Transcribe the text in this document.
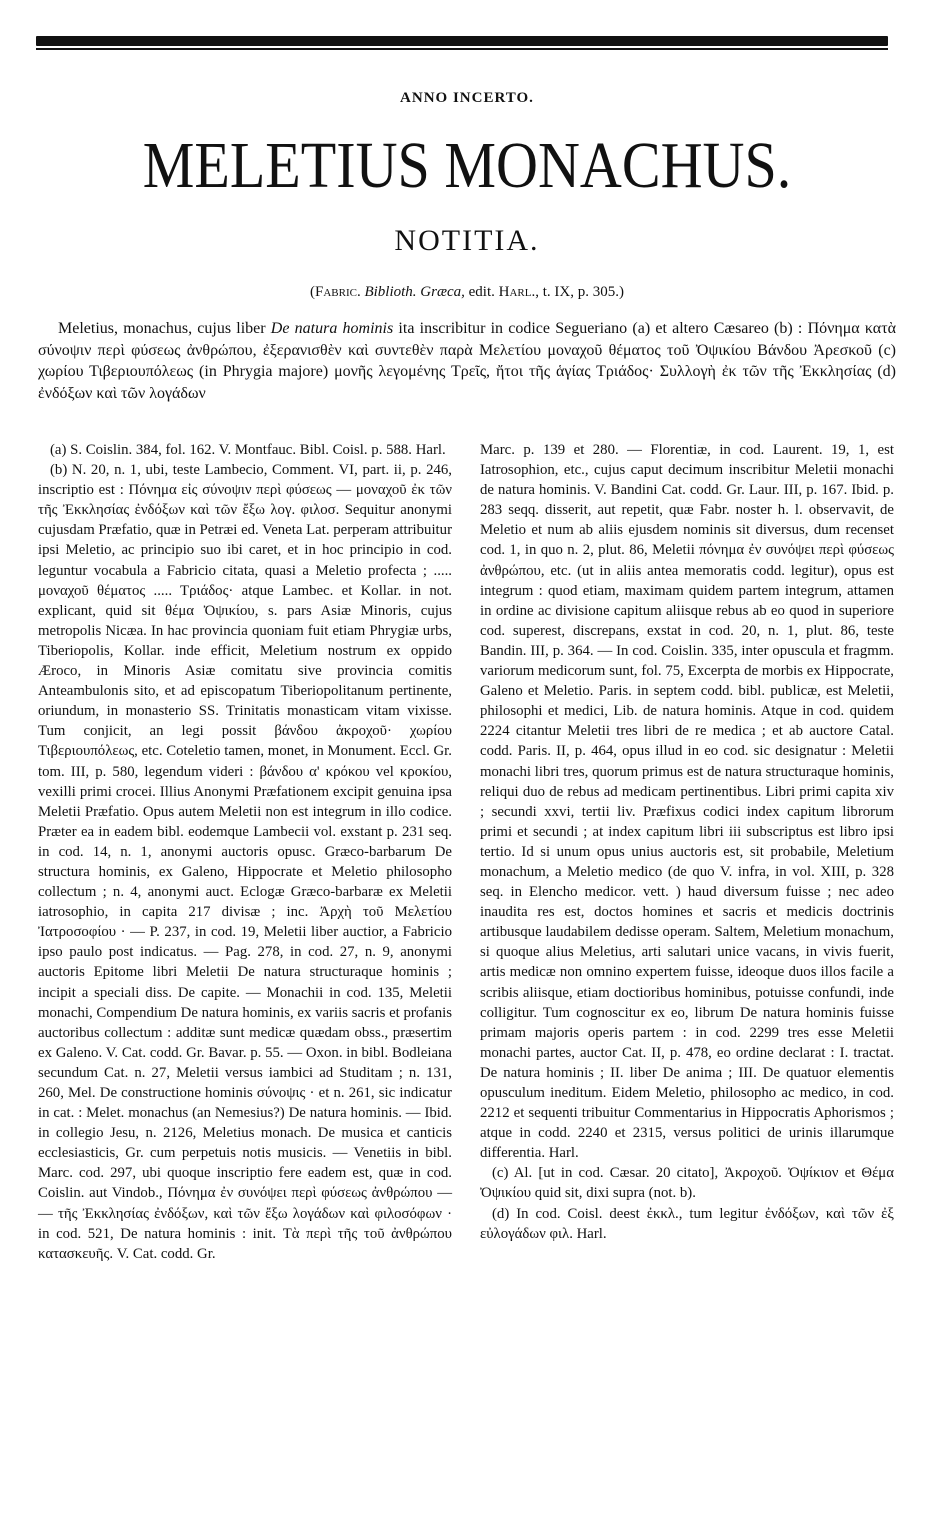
ANNO INCERTO.
MELETIUS MONACHUS.
NOTITIA.
(Fabric. Biblioth. Græca, edit. Harl., t. IX, p. 305.)

Meletius, monachus, cujus liber De natura hominis ita inscribitur in codice Segueriano (a) et altero Cæsareo (b) : Πόνημα κατὰ σύνοψιν περὶ φύσεως ἀνθρώπου, ἐξερανισθὲν καὶ συντεθὲν παρὰ Μελετίου μοναχοῦ θέματος τοῦ Ὀψικίου Βάνδου Ἀρεσκοῦ (c) χωρίου Τιβεριουπόλεως (in Phrygia majore) μονῆς λεγομένης Τρεῖς, ἤτοι τῆς ἁγίας Τριάδος· Συλλογὴ ἐκ τῶν τῆς Ἐκκλησίας (d) ἐνδόξων καὶ τῶν λογάδων

(a) S. Coislin. 384, fol. 162. V. Montfauc. Bibl. Coisl. p. 588. Harl.

(b) N. 20, n. 1, ubi, teste Lambecio, Comment. VI, part. ii, p. 246, inscriptio est : Πόνημα εἰς σύνοψιν περὶ φύσεως — μοναχοῦ ἐκ τῶν τῆς Ἐκκλησίας ἐνδόξων καὶ τῶν ἔξω λογ. φιλοσ. Sequitur anonymi cujusdam Præfatio, quæ in Petræi ed. Veneta Lat. perperam attribuitur ipsi Meletio, ac principio suo ibi caret, et in hoc principio in cod. leguntur vocabula a Fabricio citata, quasi a Meletio profecta ; ..... μοναχοῦ θέματος ..... Τριάδος· atque Lambec. et Kollar. in not. explicant, quid sit θέμα Ὀψικίου, s. pars Asiæ Minoris, cujus metropolis Nicæa. In hac provincia quoniam fuit etiam Phrygiæ urbs, Tiberiopolis, Kollar. inde efficit, Meletium nostrum ex oppido Æroco, in Minoris Asiæ comitatu sive provincia comitis Anteambulonis sito, et ad episcopatum Tiberiopolitanum pertinente, oriundum, in monasterio SS. Trinitatis monasticam vitam vixisse. Tum conjicit, an legi possit βάνδου ἀκροχοῦ· χωρίου Τιβεριουπόλεως, etc. Coteletio tamen, monet, in Monument. Eccl. Gr. tom. III, p. 580, legendum videri : βάνδου α' κρόκου vel κροκίου, vexilli primi crocei. Illius Anonymi Præfationem excipit genuina ipsa Meletii Præfatio. Opus autem Meletii non est integrum in illo codice. Præter ea in eadem bibl. eodemque Lambecii vol. exstant p. 231 seq. in cod. 14, n. 1, anonymi auctoris opusc. Græco-barbarum De structura hominis, ex Galeno, Hippocrate et Meletio philosopho collectum ; n. 4, anonymi auct. Eclogæ Græco-barbaræ ex Meletii iatrosophio, in capita 217 divisæ ; inc. Ἀρχὴ τοῦ Μελετίου Ἰατροσοφίου · — P. 237, in cod. 19, Meletii liber auctior, a Fabricio ipso paulo post indicatus. — Pag. 278, in cod. 27, n. 9, anonymi auctoris Epitome libri Meletii De natura structuraque hominis ; incipit a speciali diss. De capite. — Monachii in cod. 135, Meletii monachi, Compendium De natura hominis, ex variis sacris et profanis auctoribus collectum : additæ sunt medicæ quædam obss., præsertim ex Galeno. V. Cat. codd. Gr. Bavar. p. 55. — Oxon. in bibl. Bodleiana secundum Cat. n. 27, Meletii versus iambici ad Studitam ; n. 131, 260, Mel. De constructione hominis σύνοψις · et n. 261, sic indicatur in cat. : Melet. monachus (an Nemesius?) De natura hominis. — Ibid. in collegio Jesu, n. 2126, Meletius monach. De musica et canticis ecclesiasticis, Gr. cum perpetuis notis musicis. — Venetiis in bibl. Marc. cod. 297, ubi quoque inscriptio fere eadem est, quæ in cod. Coislin. aut Vindob., Πόνημα ἐν συνόψει περὶ φύσεως ἀνθρώπου — — τῆς Ἐκκλησίας ἐνδόξων, καὶ τῶν ἔξω λογάδων καὶ φιλοσόφων · in cod. 521, De natura hominis : init. Τὰ περὶ τῆς τοῦ ἀνθρώπου κατασκευῆς. V. Cat. codd. Gr.

Marc. p. 139 et 280. — Florentiæ, in cod. Laurent. 19, 1, est Iatrosophion, etc., cujus caput decimum inscribitur Meletii monachi de natura hominis. V. Bandini Cat. codd. Gr. Laur. III, p. 167. Ibid. p. 283 seqq. disserit, aut repetit, quæ Fabr. noster h. l. observavit, de Meletio et num ab aliis ejusdem nominis sit diversus, dum recenset cod. 1, in quo n. 2, plut. 86, Meletii πόνημα ἐν συνόψει περὶ φύσεως ἀνθρώπου, etc. (ut in aliis antea memoratis codd. legitur), opus est integrum : quod etiam, maximam quidem partem integrum, attamen in ordine ac divisione capitum aliisque rebus ab eo quod in superiore cod. superest, discrepans, exstat in cod. 20, n. 1, plut. 86, teste Bandin. III, p. 364. — In cod. Coislin. 335, inter opuscula et fragmm. variorum medicorum sunt, fol. 75, Excerpta de morbis ex Hippocrate, Galeno et Meletio. Paris. in septem codd. bibl. publicæ, est Meletii, philosophi et medici, Lib. de natura hominis. Atque in cod. quidem 2224 citantur Meletii tres libri de re medica ; et ab auctore Catal. codd. Paris. II, p. 464, opus illud in eo cod. sic designatur : Meletii monachi libri tres, quorum primus est de natura structuraque hominis, reliqui duo de rebus ad medicam pertinentibus. Libri primi capita xiv ; secundi xxvi, tertii liv. Præfixus codici index capitum librorum primi et secundi ; at index capitum libri iii subscriptus est libro ipsi tertio. Id si unum opus unius auctoris est, sit probabile, Meletium monachum, a Meletio medico (de quo V. infra, in vol. XIII, p. 328 seq. in Elencho medicor. vett. ) haud diversum fuisse ; nec adeo inaudita res est, doctos homines et sacris et medicis doctrinis artibusque laudabilem dedisse operam. Saltem, Meletium monachum, si quoque alius Meletius, arti salutari unice vacans, in vivis fuerit, artis medicæ non omnino expertem fuisse, ideoque duos illos facile a scribis aliisque, etiam doctioribus hominibus, potuisse confundi, inde colligitur. Tum cognoscitur ex eo, librum De natura hominis fuisse primam majoris operis partem : in cod. 2299 tres esse Meletii monachi partes, auctor Cat. II, p. 478, eo ordine declarat : I. tractat. De natura hominis ; II. liber De anima ; III. De quatuor elementis opusculum ineditum. Eidem Meletio, philosopho ac medico, in cod. 2212 et sequenti tribuitur Commentarius in Hippocratis Aphorismos ; atque in codd. 2240 et 2315, versus politici de urinis illarumque differentia. Harl.

(c) Al. [ut in cod. Cæsar. 20 citato], Ἀκροχοῦ. Ὀψίκιον et Θέμα Ὀψικίου quid sit, dixi supra (not. b).

(d) In cod. Coisl. deest ἐκκλ., tum legitur ἐνδόξων, καὶ τῶν ἐξ εὐλογάδων φιλ. Harl.
